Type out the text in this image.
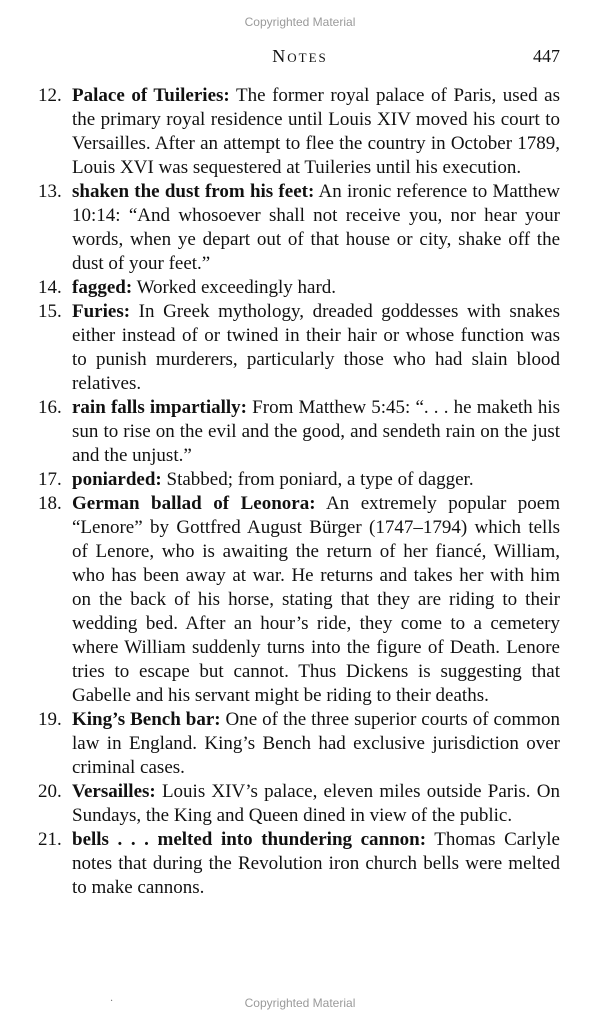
Copyrighted Material
Notes	447
12. Palace of Tuileries: The former royal palace of Paris, used as the primary royal residence until Louis XIV moved his court to Versailles. After an attempt to flee the country in October 1789, Louis XVI was sequestered at Tuileries until his execution.
13. shaken the dust from his feet: An ironic reference to Matthew 10:14: “And whosoever shall not receive you, nor hear your words, when ye depart out of that house or city, shake off the dust of your feet.”
14. fagged: Worked exceedingly hard.
15. Furies: In Greek mythology, dreaded goddesses with snakes either instead of or twined in their hair or whose function was to punish murderers, particularly those who had slain blood relatives.
16. rain falls impartially: From Matthew 5:45: “. . . he maketh his sun to rise on the evil and the good, and sendeth rain on the just and the unjust.”
17. poniarded: Stabbed; from poniard, a type of dagger.
18. German ballad of Leonora: An extremely popular poem “Lenore” by Gottfred August Bürger (1747–1794) which tells of Lenore, who is awaiting the return of her fiancé, William, who has been away at war. He returns and takes her with him on the back of his horse, stating that they are riding to their wedding bed. After an hour’s ride, they come to a cemetery where William suddenly turns into the figure of Death. Lenore tries to escape but cannot. Thus Dickens is suggesting that Gabelle and his servant might be riding to their deaths.
19. King’s Bench bar: One of the three superior courts of common law in England. King’s Bench had exclusive jurisdiction over criminal cases.
20. Versailles: Louis XIV’s palace, eleven miles outside Paris. On Sundays, the King and Queen dined in view of the public.
21. bells . . . melted into thundering cannon: Thomas Carlyle notes that during the Revolution iron church bells were melted to make cannons.
·	Copyrighted Material
